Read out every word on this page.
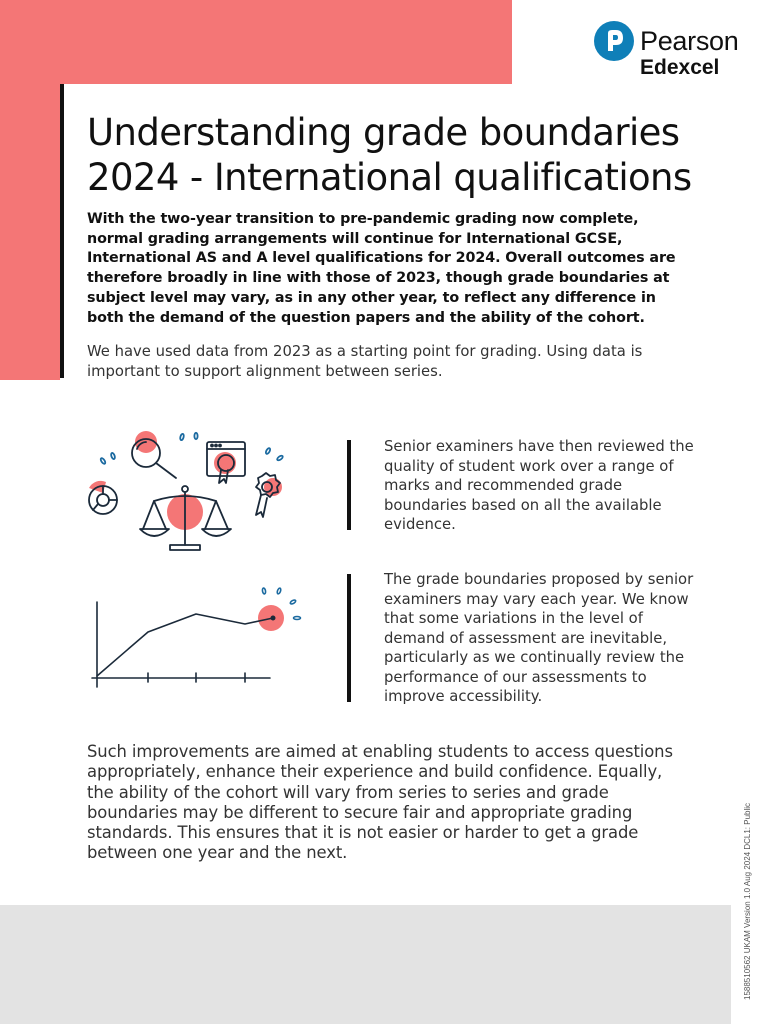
Pearson
Edexcel
Understanding grade boundaries 2024 - International qualifications

With the two-year transition to pre-pandemic grading now complete, normal grading arrangements will continue for International GCSE, International AS and A level qualifications for 2024. Overall outcomes are therefore broadly in line with those of 2023, though grade boundaries at subject level may vary, as in any other year, to reflect any difference in both the demand of the question papers and the ability of the cohort.

We have used data from 2023 as a starting point for grading. Using data is important to support alignment between series.

Senior examiners have then reviewed the quality of student work over a range of marks and recommended grade boundaries based on all the available evidence.

The grade boundaries proposed by senior examiners may vary each year. We know that some variations in the level of demand of assessment are inevitable, particularly as we continually review the performance of our assessments to improve accessibility.

Such improvements are aimed at enabling students to access questions appropriately, enhance their experience and build confidence. Equally, the ability of the cohort will vary from series to series and grade boundaries may be different to secure fair and appropriate grading standards. This ensures that it is not easier or harder to get a grade between one year and the next.	1588510562 UKAM Version 1.0 Aug 2024 DCL1: Public
